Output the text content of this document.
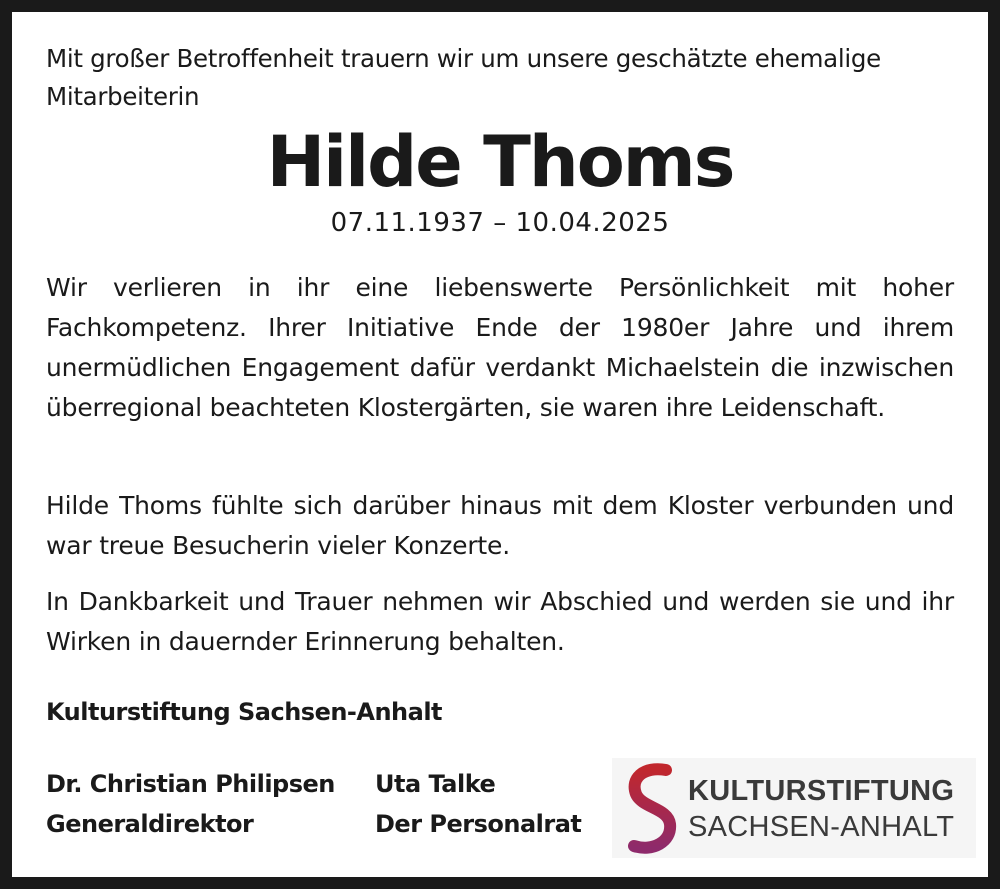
Mit großer Betroffenheit trauern wir um unsere geschätzte ehemalige Mitarbeiterin
Hilde Thoms
07.11.1937 – 10.04.2025
Wir verlieren in ihr eine liebenswerte Persönlichkeit mit hoher Fachkompetenz. Ihrer Initiative Ende der 1980er Jahre und ihrem unermüdlichen Engagement dafür verdankt Michaelstein die inzwischen überregional beachteten Klostergärten, sie waren ihre Leidenschaft.
Hilde Thoms fühlte sich darüber hinaus mit dem Kloster verbunden und war treue Besucherin vieler Konzerte.
In Dankbarkeit und Trauer nehmen wir Abschied und werden sie und ihr Wirken in dauernder Erinnerung behalten.
Kulturstiftung Sachsen-Anhalt
Dr. Christian Philipsen
Generaldirektor
Uta Talke
Der Personalrat
KULTURSTIFTUNG
SACHSEN-ANHALT
